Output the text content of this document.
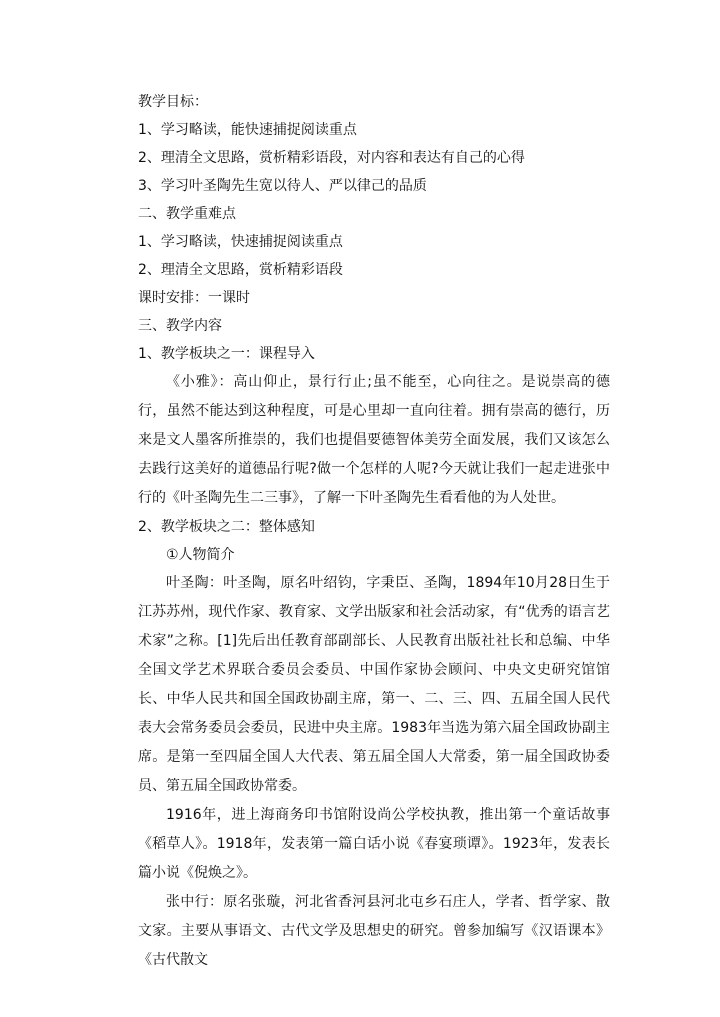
教学目标：
1、学习略读，能快速捕捉阅读重点
2、理清全文思路，赏析精彩语段，对内容和表达有自己的心得
3、学习叶圣陶先生宽以待人、严以律己的品质
二、教学重难点
1、学习略读，快速捕捉阅读重点
2、理清全文思路，赏析精彩语段
课时安排：一课时
三、教学内容
1、教学板块之一：课程导入

《小雅》：高山仰止，景行行止;虽不能至，心向往之。是说崇高的德行，虽然不能达到这种程度，可是心里却一直向往着。拥有崇高的德行，历来是文人墨客所推崇的，我们也提倡要德智体美劳全面发展，我们又该怎么去践行这美好的道德品行呢?做一个怎样的人呢?今天就让我们一起走进张中行的《叶圣陶先生二三事》，了解一下叶圣陶先生看看他的为人处世。

2、教学板块之二：整体感知
①人物简介

叶圣陶：叶圣陶，原名叶绍钧，字秉臣、圣陶，1894年10月28日生于江苏苏州，现代作家、教育家、文学出版家和社会活动家，有“优秀的语言艺术家”之称。[1]先后出任教育部副部长、人民教育出版社社长和总编、中华全国文学艺术界联合委员会委员、中国作家协会顾问、中央文史研究馆馆长、中华人民共和国全国政协副主席，第一、二、三、四、五届全国人民代表大会常务委员会委员，民进中央主席。1983年当选为第六届全国政协副主席。是第一至四届全国人大代表、第五届全国人大常委，第一届全国政协委员、第五届全国政协常委。

1916年，进上海商务印书馆附设尚公学校执教，推出第一个童话故事《稻草人》。1918年，发表第一篇白话小说《春宴琐谭》。1923年，发表长篇小说《倪焕之》。

张中行：原名张璇，河北省香河县河北屯乡石庄人，学者、哲学家、散文家。主要从事语文、古代文学及思想史的研究。曾参加编写《汉语课本》《古代散文
